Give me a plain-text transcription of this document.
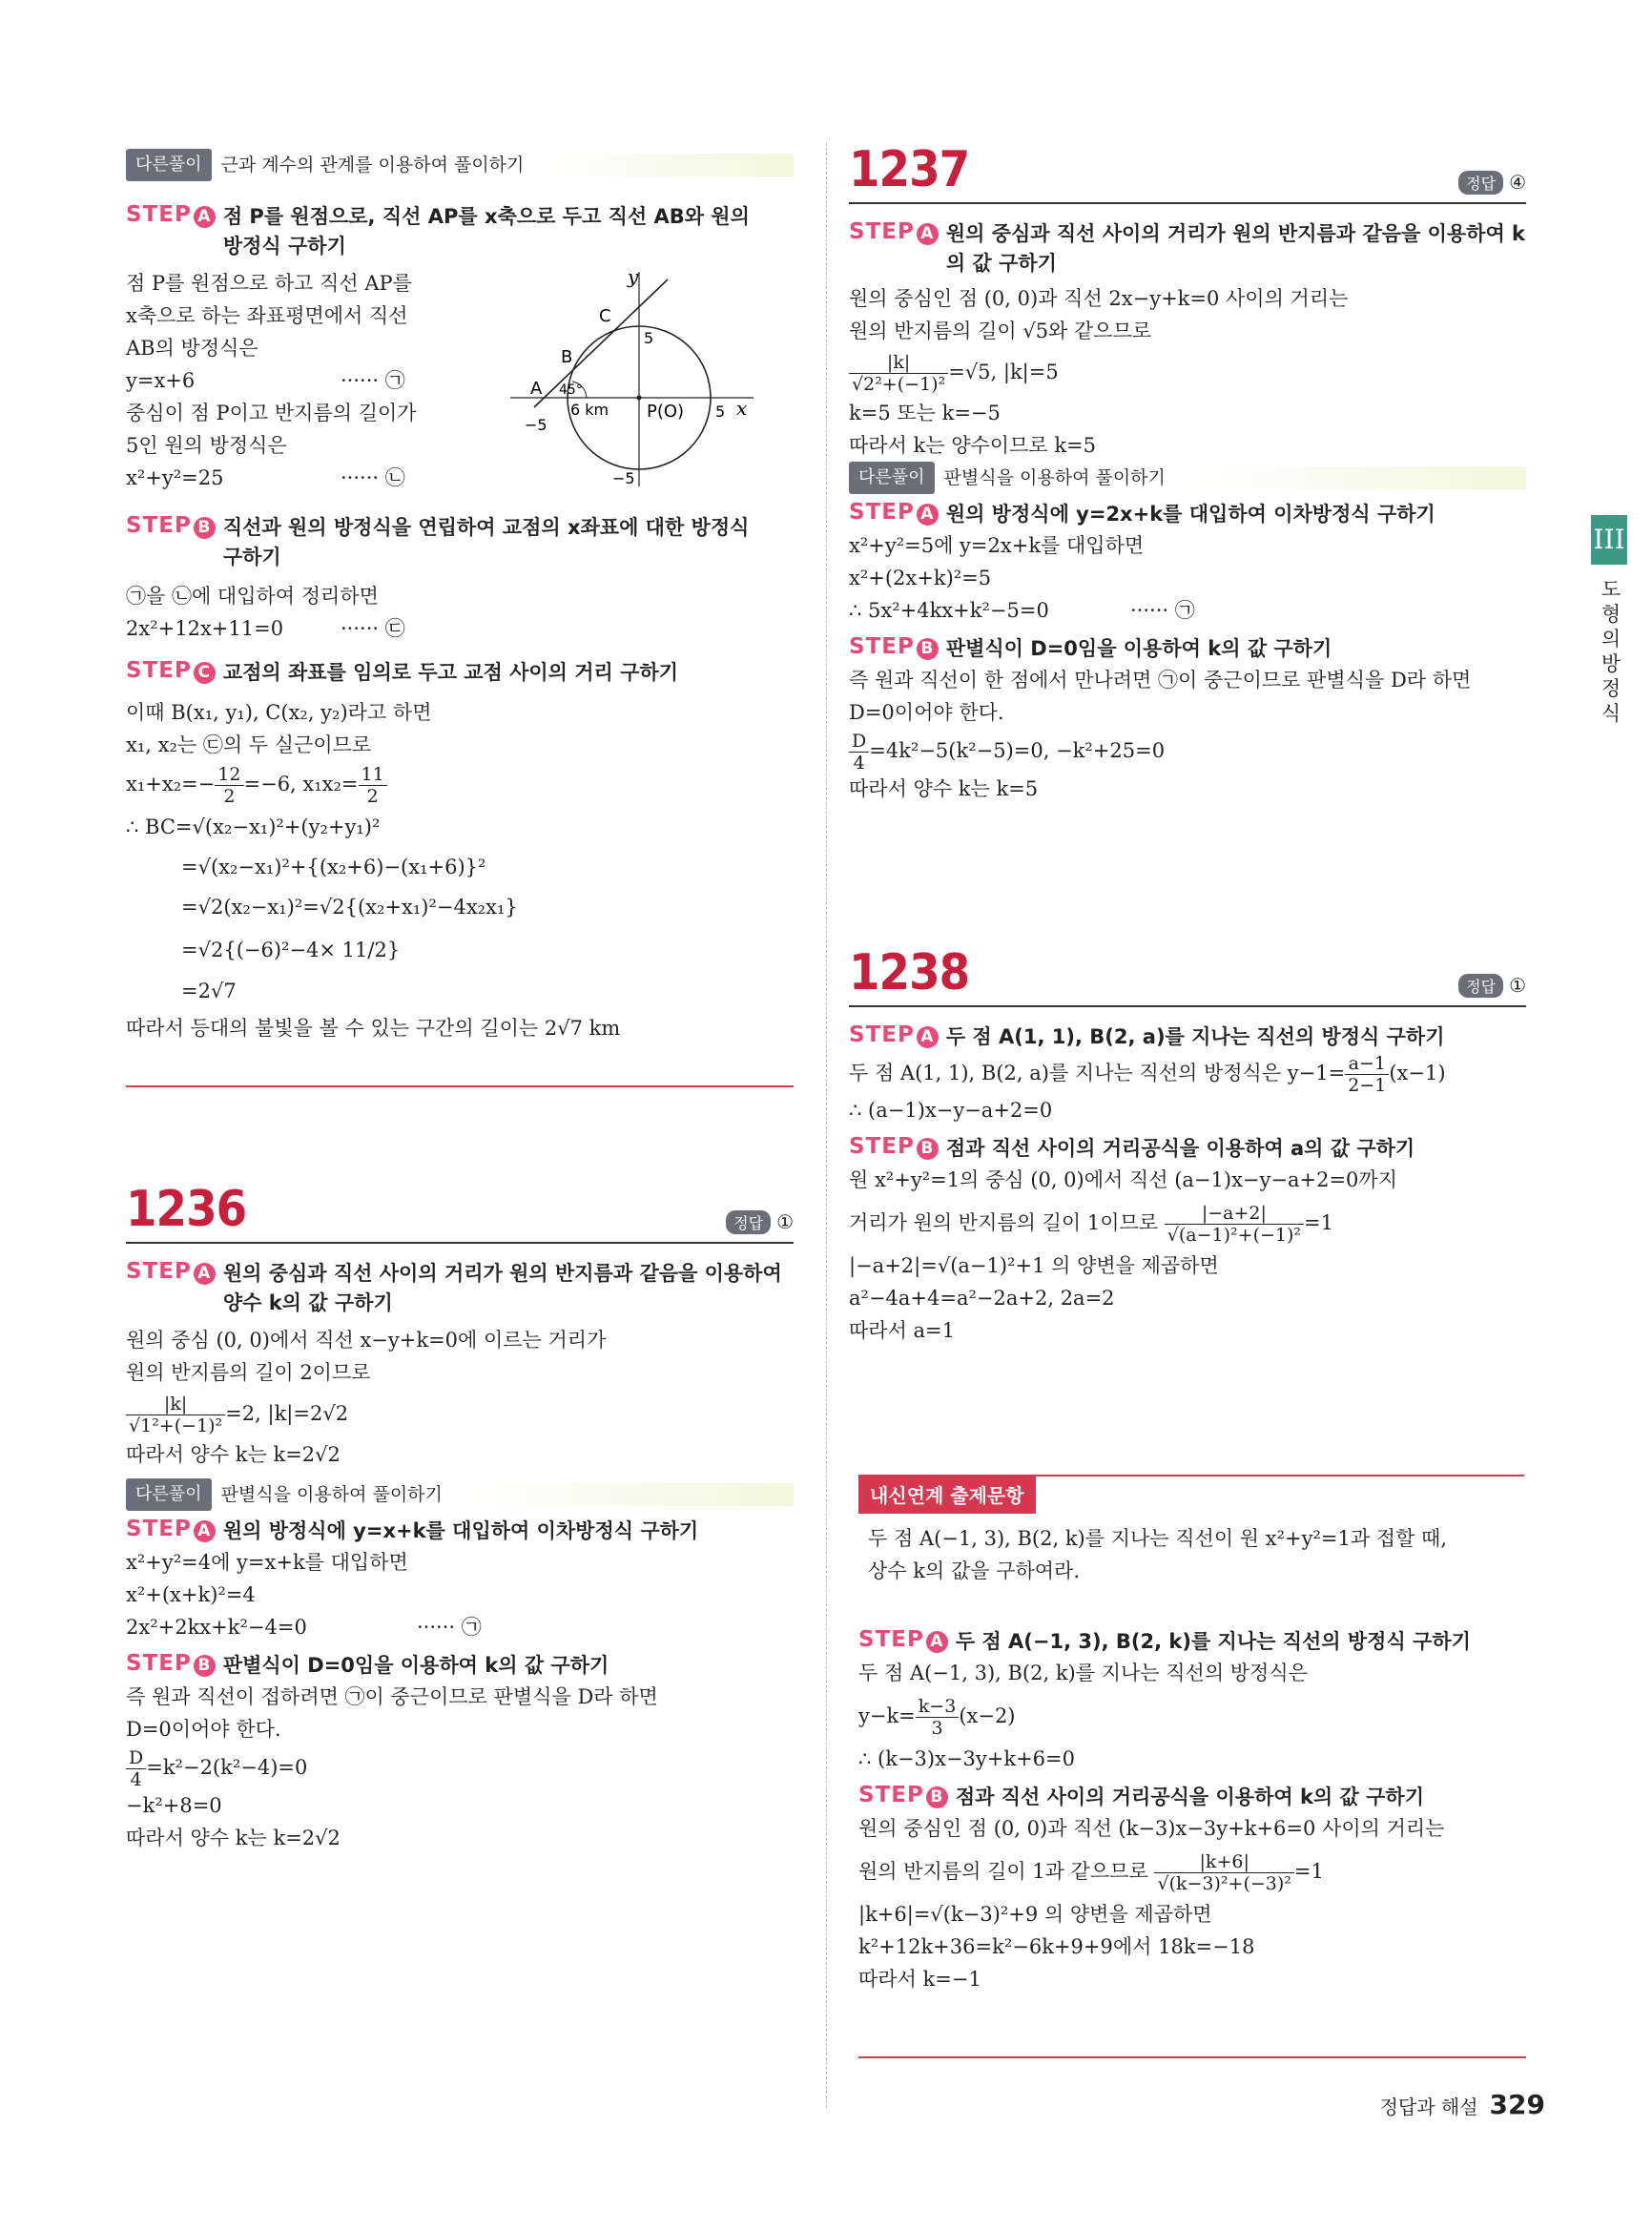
III
도형의 방정식
다른풀이	근과 계수의 관계를 이용하여 풀이하기
STEP A 점 P를 원점으로, 직선 AP를 x축으로 두고 직선 AB와 원의 방정식 구하기
점 P를 원점으로 하고 직선 AP를
x축으로 하는 좌표평면에서 직선
AB의 방정식은
y=x+6	······ ㉠
중심이 점 P이고 반지름의 길이가
5인 원의 방정식은
x²+y²=25	······ ㉡
y
x
C
B
A
5
45°
6 km P(O) 5
−5
−5
STEP B 직선과 원의 방정식을 연립하여 교점의 x좌표에 대한 방정식 구하기
㉠을 ㉡에 대입하여 정리하면
2x²+12x+11=0	······ ㉢
STEP C 교점의 좌표를 임의로 두고 교점 사이의 거리 구하기
이때 B(x₁, y₁), C(x₂, y₂)라고 하면
x₁, x₂는 ㉢의 두 실근이므로
$x_1+x_2=- \frac{12}{2} =-6$, $x_1x_2= \frac{11}{2}$
∴ BC=√(x₂−x₁)²+(y₂+y₁)²
=√(x₂−x₁)²+{(x₂+6)−(x₁+6)}²
=√2(x₂−x₁)²=√2{(x₂+x₁)²−4x₂x₁}
=√2{(−6)²−4× 11/2}
=2√7
따라서 등대의 불빛을 볼 수 있는 구간의 길이는 2√7 km
1236	정답 ①
STEP A 원의 중심과 직선 사이의 거리가 원의 반지름과 같음을 이용하여 양수 k의 값 구하기
원의 중심 (0, 0)에서 직선 x−y+k=0에 이르는 거리가
원의 반지름의 길이 2이므로
$\frac{|k|}{\text{√1²+(−1)²}} =2$, |k|=2√2
따라서 양수 k는 k=2√2
다른풀이	판별식을 이용하여 풀이하기
STEP A 원의 방정식에 y=x+k를 대입하여 이차방정식 구하기
x²+y²=4에 y=x+k를 대입하면
x²+(x+k)²=4
2x²+2kx+k²−4=0	······ ㉠
STEP B 판별식이 D=0임을 이용하여 k의 값 구하기
즉 원과 직선이 접하려면 ㉠이 중근이므로 판별식을 D라 하면
D=0이어야 한다.
$\frac{D}{4} =k^2-2(k^2-4)=0$
−k²+8=0
따라서 양수 k는 k=2√2
1237	정답 ④
STEP A 원의 중심과 직선 사이의 거리가 원의 반지름과 같음을 이용하여 k의 값 구하기
원의 중심인 점 (0, 0)과 직선 2x−y+k=0 사이의 거리는
원의 반지름의 길이 √5와 같으므로
$\frac{|k|}{\text{√2²+(−1)²}} =√5$, |k|=5
k=5 또는 k=−5
따라서 k는 양수이므로 k=5
다른풀이	판별식을 이용하여 풀이하기
STEP A 원의 방정식에 y=2x+k를 대입하여 이차방정식 구하기
x²+y²=5에 y=2x+k를 대입하면
x²+(2x+k)²=5
∴ 5x²+4kx+k²−5=0	······ ㉠
STEP B 판별식이 D=0임을 이용하여 k의 값 구하기
즉 원과 직선이 한 점에서 만나려면 ㉠이 중근이므로 판별식을 D라 하면
D=0이어야 한다.
$\frac{D}{4} =4k^2-5(k^2-5)=0$, −k²+25=0
따라서 양수 k는 k=5
1238	정답 ①
STEP A 두 점 A(1, 1), B(2, a)를 지나는 직선의 방정식 구하기
두 점 A(1, 1), B(2, a)를 지나는 직선의 방정식은 $y-1= \frac{a-1}{2-1} (x-1)$
∴ (a−1)x−y−a+2=0
STEP B 점과 직선 사이의 거리공식을 이용하여 a의 값 구하기
원 x²+y²=1의 중심 (0, 0)에서 직선 (a−1)x−y−a+2=0까지
거리가 원의 반지름의 길이 1이므로 $\frac{|-a+2|}{\text{√(a−1)²+(−1)²}} =1$
|−a+2|=√(a−1)²+1 의 양변을 제곱하면
a²−4a+4=a²−2a+2, 2a=2
따라서 a=1
내신연계 출제문항
두 점 A(−1, 3), B(2, k)를 지나는 직선이 원 x²+y²=1과 접할 때,
상수 k의 값을 구하여라.
STEP A 두 점 A(−1, 3), B(2, k)를 지나는 직선의 방정식 구하기
두 점 A(−1, 3), B(2, k)를 지나는 직선의 방정식은
$y-k= \frac{k-3}{3} (x-2)$
∴ (k−3)x−3y+k+6=0
STEP B 점과 직선 사이의 거리공식을 이용하여 k의 값 구하기
원의 중심인 점 (0, 0)과 직선 (k−3)x−3y+k+6=0 사이의 거리는
원의 반지름의 길이 1과 같으므로 $\frac{|k+6|}{\text{√(k−3)²+(−3)²}} =1$
|k+6|=√(k−3)²+9 의 양변을 제곱하면
k²+12k+36=k²−6k+9+9에서 18k=−18
따라서 k=−1
정답과 해설 329
